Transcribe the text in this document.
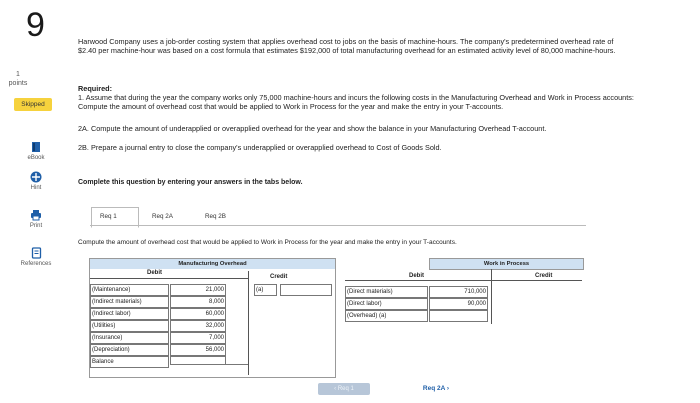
9
1
points
Skipped
eBook
Hint
Print
References
Harwood Company uses a job-order costing system that applies overhead cost to jobs on the basis of machine-hours. The company's predetermined overhead rate of $2.40 per machine-hour was based on a cost formula that estimates $192,000 of total manufacturing overhead for an estimated activity level of 80,000 machine-hours.
Required:
1. Assume that during the year the company works only 75,000 machine-hours and incurs the following costs in the Manufacturing Overhead and Work in Process accounts: Compute the amount of overhead cost that would be applied to Work in Process for the year and make the entry in your T-accounts.
2A. Compute the amount of underapplied or overapplied overhead for the year and show the balance in your Manufacturing Overhead T-account.
2B. Prepare a journal entry to close the company's underapplied or overapplied overhead to Cost of Goods Sold.
Complete this question by entering your answers in the tabs below.
Req 1	Req 2A	Req 2B
Compute the amount of overhead cost that would be applied to Work in Process for the year and make the entry in your T-accounts.
Manufacturing Overhead
Debit
Credit
(Maintenance)	21,000
(Indirect materials)	8,000
(Indirect labor)	60,000
(Utilities)	32,000
(Insurance)	7,000
(Depreciation)	56,000
Balance
(a)
Work in Process
Debit	Credit
(Direct materials)	710,000
(Direct labor)	90,000
(Overhead) (a)
‹ Req 1	Req 2A ›
